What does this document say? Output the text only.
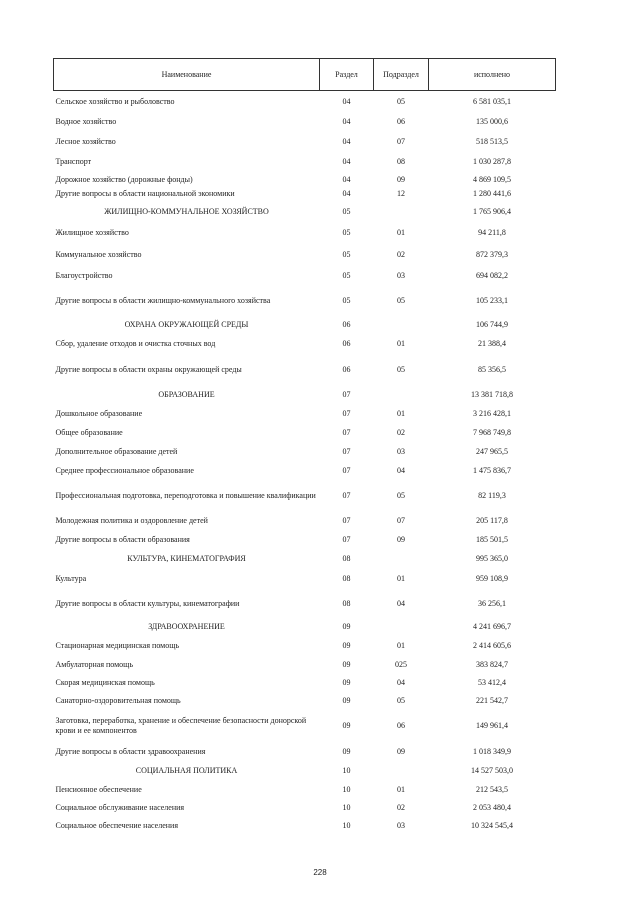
Наименование	Раздел	Подраздел	исполнено
Сельское хозяйство и рыболовство	04	05	6 581 035,1
Водное хозяйство	04	06	135 000,6
Лесное хозяйство	04	07	518 513,5
Транспорт	04	08	1 030 287,8
Дорожное хозяйство (дорожные фонды)	04	09	4 869 109,5
Другие вопросы в области национальной экономики	04	12	1 280 441,6
ЖИЛИЩНО-КОММУНАЛЬНОЕ ХОЗЯЙСТВО	05		1 765 906,4
Жилищное хозяйство	05	01	94 211,8
Коммунальное хозяйство	05	02	872 379,3
Благоустройство	05	03	694 082,2
Другие вопросы в области жилищно-коммунального хозяйства	05	05	105 233,1
ОХРАНА ОКРУЖАЮЩЕЙ СРЕДЫ	06		106 744,9
Сбор, удаление отходов и очистка сточных вод	06	01	21 388,4
Другие вопросы в области охраны окружающей среды	06	05	85 356,5
ОБРАЗОВАНИЕ	07		13 381 718,8
Дошкольное образование	07	01	3 216 428,1
Общее образование	07	02	7 968 749,8
Дополнительное образование детей	07	03	247 965,5
Среднее профессиональное образование	07	04	1 475 836,7
Профессиональная подготовка, переподготовка и повышение квалификации	07	05	82 119,3
Молодежная политика и оздоровление детей	07	07	205 117,8
Другие вопросы в области образования	07	09	185 501,5
КУЛЬТУРА, КИНЕМАТОГРАФИЯ	08		995 365,0
Культура	08	01	959 108,9
Другие вопросы в области культуры, кинематографии	08	04	36 256,1
ЗДРАВООХРАНЕНИЕ	09		4 241 696,7
Стационарная медицинская помощь	09	01	2 414 605,6
Амбулаторная помощь	09	025	383 824,7
Скорая медицинская помощь	09	04	53 412,4
Санаторно-оздоровительная помощь	09	05	221 542,7
Заготовка, переработка, хранение и обеспечение безопасности донорской крови и ее компонентов	09	06	149 961,4
Другие вопросы в области здравоохранения	09	09	1 018 349,9
СОЦИАЛЬНАЯ ПОЛИТИКА	10		14 527 503,0
Пенсионное обеспечение	10	01	212 543,5
Социальное обслуживание населения	10	02	2 053 480,4
Социальное обеспечение населения	10	03	10 324 545,4
228
